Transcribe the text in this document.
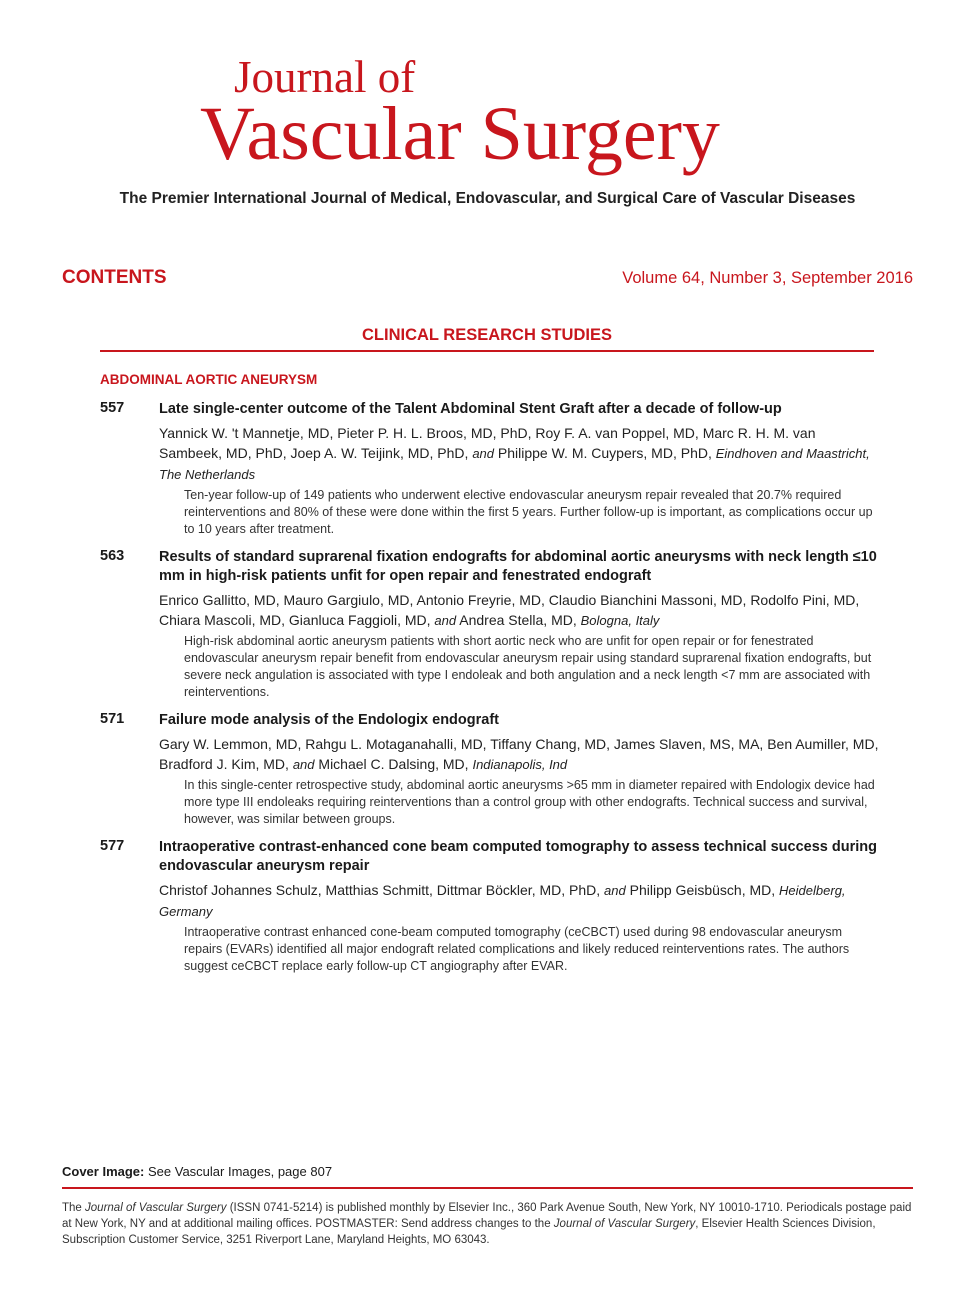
Journal of
Vascular Surgery
The Premier International Journal of Medical, Endovascular, and Surgical Care of Vascular Diseases
CONTENTS	Volume 64, Number 3, September 2016
CLINICAL RESEARCH STUDIES
ABDOMINAL AORTIC ANEURYSM
557 Late single-center outcome of the Talent Abdominal Stent Graft after a decade of follow-up
Yannick W. 't Mannetje, MD, Pieter P. H. L. Broos, MD, PhD, Roy F. A. van Poppel, MD, Marc R. H. M. van Sambeek, MD, PhD, Joep A. W. Teijink, MD, PhD, and Philippe W. M. Cuypers, MD, PhD, Eindhoven and Maastricht, The Netherlands
Ten-year follow-up of 149 patients who underwent elective endovascular aneurysm repair revealed that 20.7% required reinterventions and 80% of these were done within the first 5 years. Further follow-up is important, as complications occur up to 10 years after treatment.
563 Results of standard suprarenal fixation endografts for abdominal aortic aneurysms with neck length ≤10 mm in high-risk patients unfit for open repair and fenestrated endograft
Enrico Gallitto, MD, Mauro Gargiulo, MD, Antonio Freyrie, MD, Claudio Bianchini Massoni, MD, Rodolfo Pini, MD, Chiara Mascoli, MD, Gianluca Faggioli, MD, and Andrea Stella, MD, Bologna, Italy
High-risk abdominal aortic aneurysm patients with short aortic neck who are unfit for open repair or for fenestrated endovascular aneurysm repair benefit from endovascular aneurysm repair using standard suprarenal fixation endografts, but severe neck angulation is associated with type I endoleak and both angulation and a neck length <7 mm are associated with reinterventions.
571 Failure mode analysis of the Endologix endograft
Gary W. Lemmon, MD, Rahgu L. Motaganahalli, MD, Tiffany Chang, MD, James Slaven, MS, MA, Ben Aumiller, MD, Bradford J. Kim, MD, and Michael C. Dalsing, MD, Indianapolis, Ind
In this single-center retrospective study, abdominal aortic aneurysms >65 mm in diameter repaired with Endologix device had more type III endoleaks requiring reinterventions than a control group with other endografts. Technical success and survival, however, was similar between groups.
577 Intraoperative contrast-enhanced cone beam computed tomography to assess technical success during endovascular aneurysm repair
Christof Johannes Schulz, Matthias Schmitt, Dittmar Böckler, MD, PhD, and Philipp Geisbüsch, MD, Heidelberg, Germany
Intraoperative contrast enhanced cone-beam computed tomography (ceCBCT) used during 98 endovascular aneurysm repairs (EVARs) identified all major endograft related complications and likely reduced reinterventions rates. The authors suggest ceCBCT replace early follow-up CT angiography after EVAR.
Cover Image: See Vascular Images, page 807
The Journal of Vascular Surgery (ISSN 0741-5214) is published monthly by Elsevier Inc., 360 Park Avenue South, New York, NY 10010-1710. Periodicals postage paid at New York, NY and at additional mailing offices. POSTMASTER: Send address changes to the Journal of Vascular Surgery, Elsevier Health Sciences Division, Subscription Customer Service, 3251 Riverport Lane, Maryland Heights, MO 63043.
